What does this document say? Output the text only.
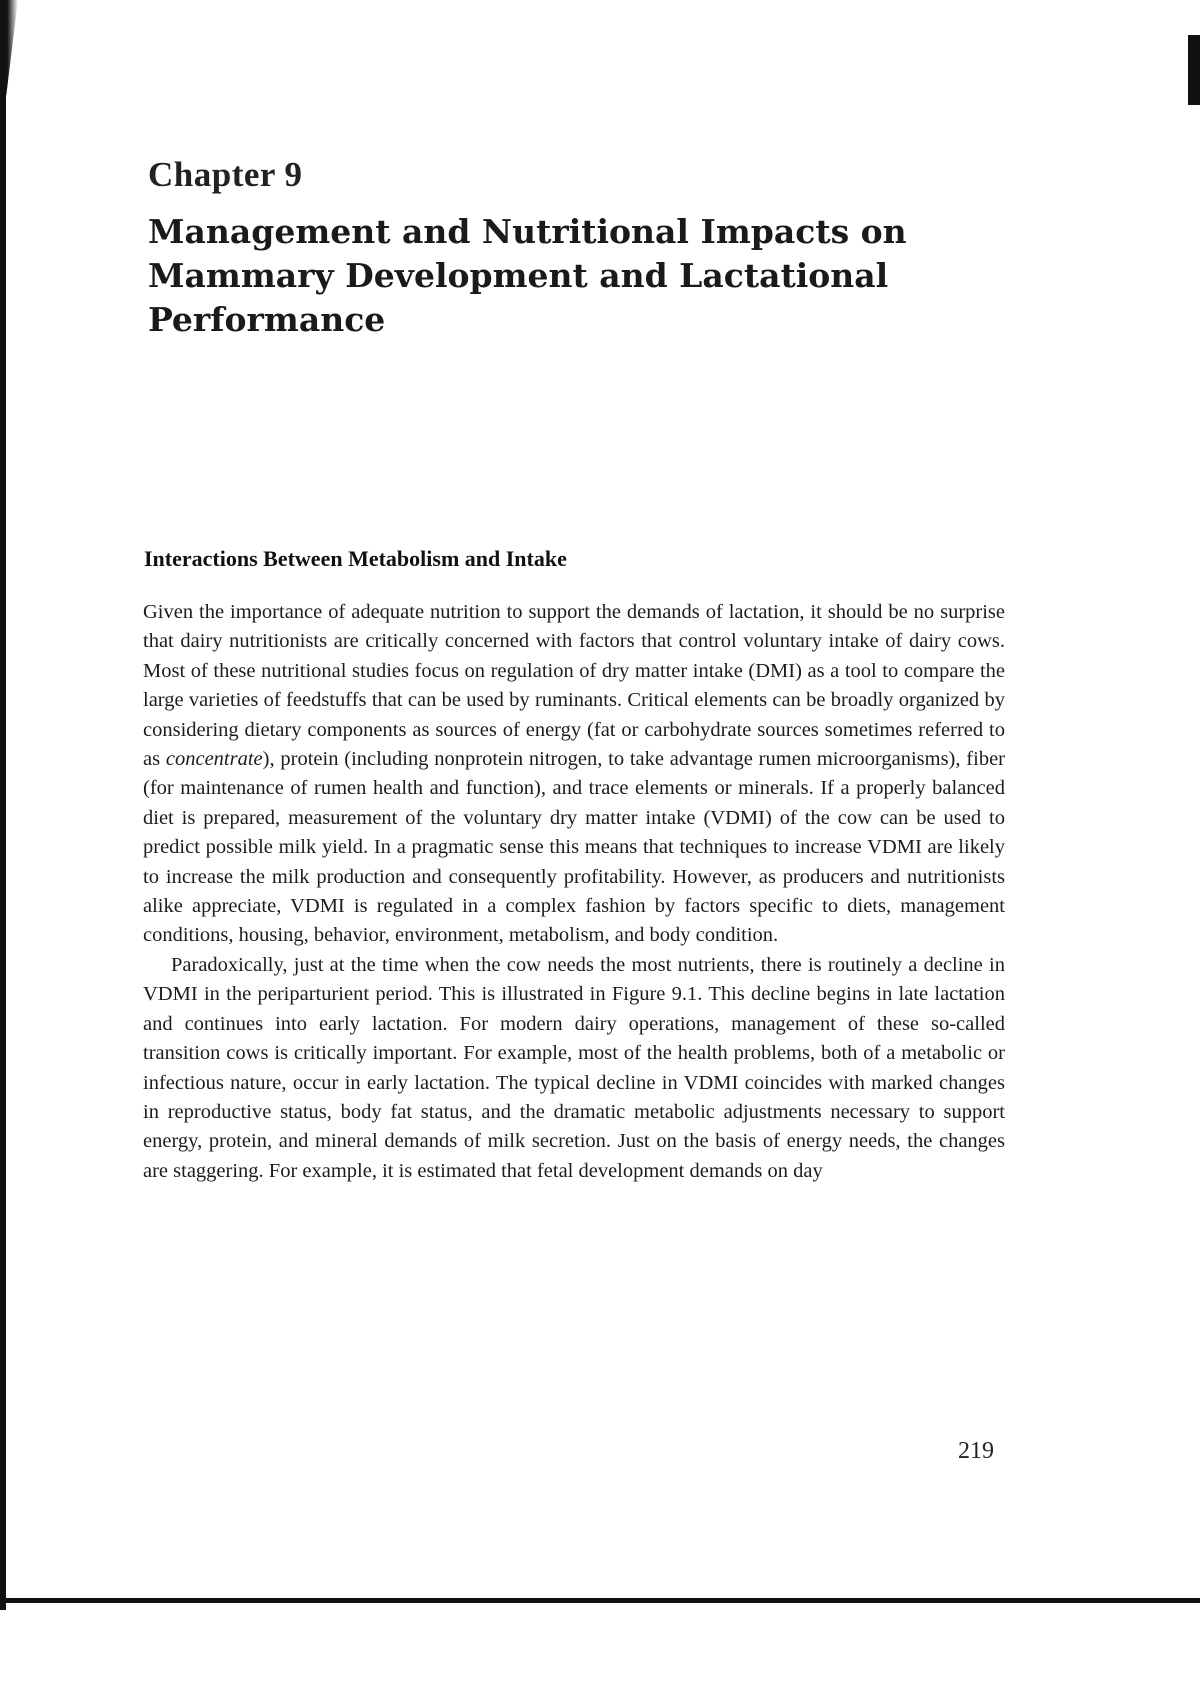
Chapter 9
Management and Nutritional Impacts on Mammary Development and Lactational Performance
Interactions Between Metabolism and Intake

Given the importance of adequate nutrition to support the demands of lactation, it should be no surprise that dairy nutritionists are critically concerned with factors that control voluntary intake of dairy cows. Most of these nutritional studies focus on regulation of dry matter intake (DMI) as a tool to compare the large varieties of feedstuffs that can be used by ruminants. Critical elements can be broadly organized by considering dietary components as sources of energy (fat or carbohydrate sources sometimes referred to as concentrate), protein (including nonprotein nitrogen, to take advantage rumen microorganisms), fiber (for maintenance of rumen health and function), and trace elements or minerals. If a properly balanced diet is prepared, measurement of the voluntary dry matter intake (VDMI) of the cow can be used to predict possible milk yield. In a pragmatic sense this means that techniques to increase VDMI are likely to increase the milk production and consequently profitability. However, as producers and nutritionists alike appreciate, VDMI is regulated in a complex fashion by factors specific to diets, management conditions, housing, behavior, environment, metabolism, and body condition.

Paradoxically, just at the time when the cow needs the most nutrients, there is routinely a decline in VDMI in the periparturient period. This is illustrated in Figure 9.1. This decline begins in late lactation and continues into early lactation. For modern dairy operations, management of these so-called transition cows is critically important. For example, most of the health problems, both of a metabolic or infectious nature, occur in early lactation. The typical decline in VDMI coincides with marked changes in reproductive status, body fat status, and the dramatic metabolic adjustments necessary to support energy, protein, and mineral demands of milk secretion. Just on the basis of energy needs, the changes are staggering. For example, it is estimated that fetal development demands on day

219
